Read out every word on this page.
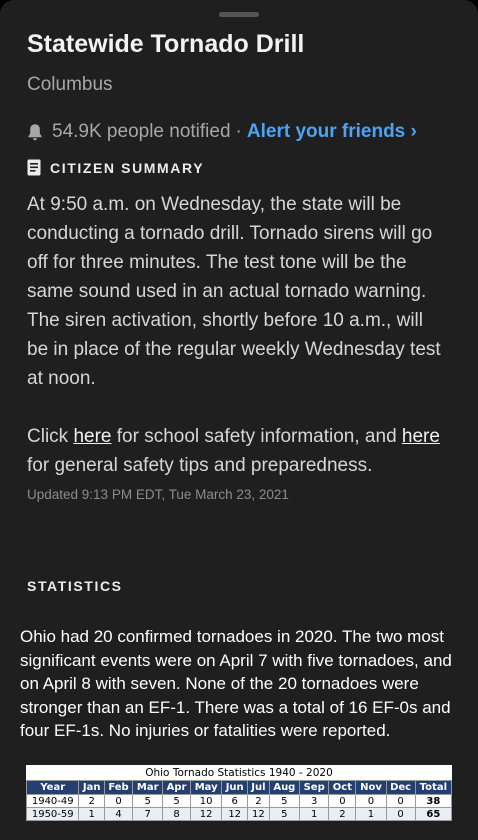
Statewide Tornado Drill
Columbus
54.9K people notified · Alert your friends ›
CITIZEN SUMMARY

At 9:50 a.m. on Wednesday, the state will be conducting a tornado drill. Tornado sirens will go off for three minutes. The test tone will be the same sound used in an actual tornado warning. The siren activation, shortly before 10 a.m., will be in place of the regular weekly Wednesday test at noon.

Click here for school safety information, and here for general safety tips and preparedness.

Updated 9:13 PM EDT, Tue March 23, 2021
STATISTICS
Ohio had 20 confirmed tornadoes in 2020. The two most significant events were on April 7 with five tornadoes, and on April 8 with seven. None of the 20 tornadoes were stronger than an EF-1. There was a total of 16 EF-0s and four EF-1s. No injuries or fatalities were reported.
Ohio Tornado Statistics 1940 - 2020
Year	Jan	Feb	Mar	Apr	May	Jun	Jul	Aug	Sep	Oct	Nov	Dec	Total
1940-49	2	0	5	5	10	6	2	5	3	0	0	0	38
1950-59	1	4	7	8	12	12	12	5	1	2	1	0	65
